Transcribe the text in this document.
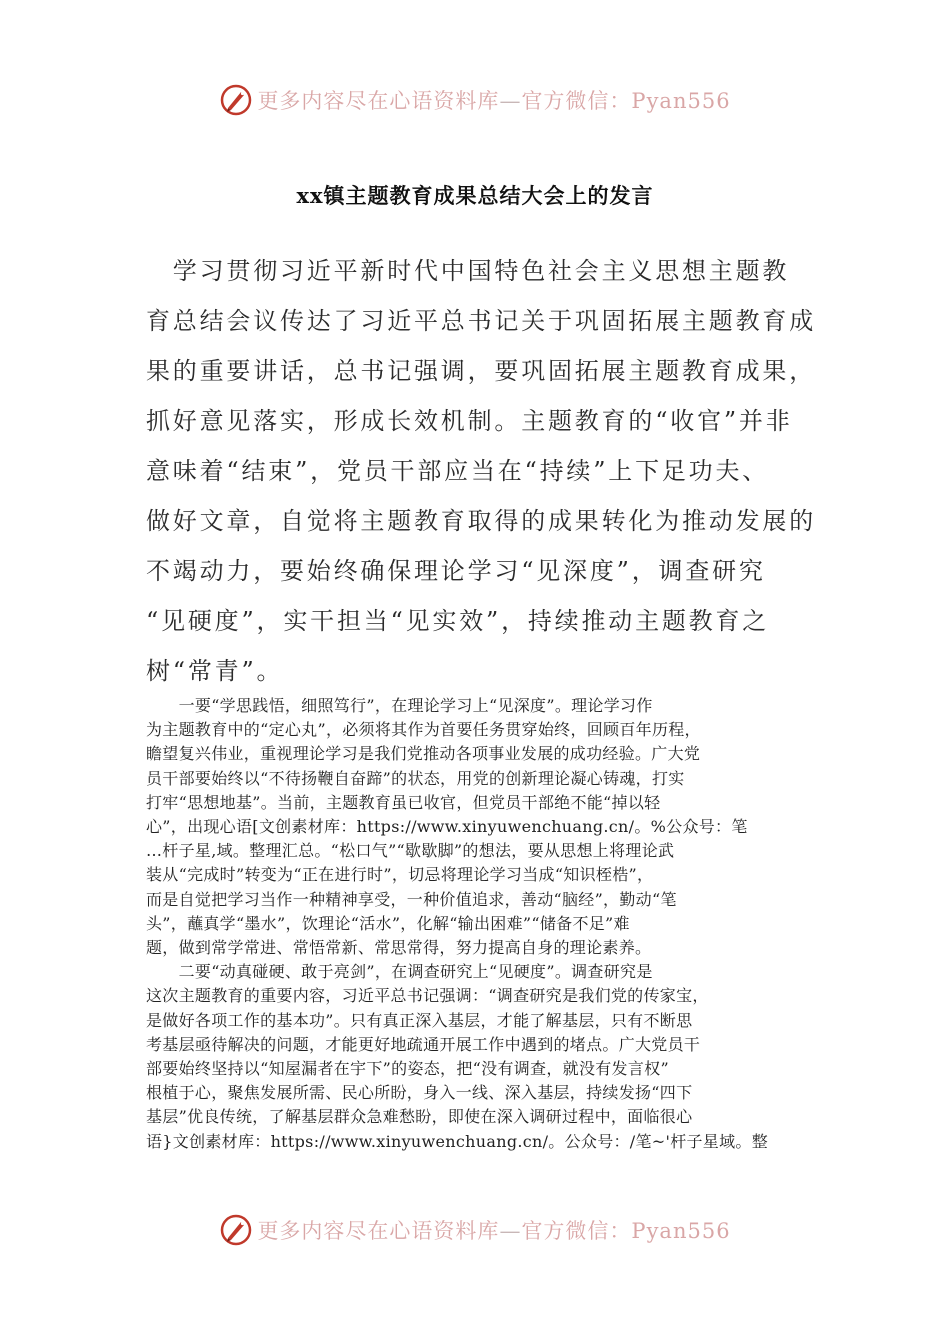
更多内容尽在心语资料库—官方微信：Pyan556
xx镇主题教育成果总结大会上的发言
　学习贯彻习近平新时代中国特色社会主义思想主题教
育总结会议传达了习近平总书记关于巩固拓展主题教育成
果的重要讲话，总书记强调，要巩固拓展主题教育成果，
抓好意见落实，形成长效机制。主题教育的“收官”并非
意味着“结束”，党员干部应当在“持续”上下足功夫、
做好文章，自觉将主题教育取得的成果转化为推动发展的
不竭动力，要始终确保理论学习“见深度”，调查研究
“见硬度”，实干担当“见实效”，持续推动主题教育之
树“常青”。
　　一要“学思践悟，细照笃行”，在理论学习上“见深度”。理论学习作
为主题教育中的“定心丸”，必须将其作为首要任务贯穿始终，回顾百年历程，
瞻望复兴伟业，重视理论学习是我们党推动各项事业发展的成功经验。广大党
员干部要始终以“不待扬鞭自奋蹄”的状态，用党的创新理论凝心铸魂，打实
打牢“思想地基”。当前，主题教育虽已收官，但党员干部绝不能“掉以轻
心”，出现心语[文创素材库：https://www.xinyuwenchuang.cn/。%公众号：笔
…杆子星,域。整理汇总。“松口气”“歇歇脚”的想法，要从思想上将理论武
装从“完成时”转变为“正在进行时”，切忌将理论学习当成“知识桎梏”，
而是自觉把学习当作一种精神享受，一种价值追求，善动“脑经”，勤动“笔
头”，蘸真学“墨水”，饮理论“活水”，化解“输出困难”“储备不足”难
题，做到常学常进、常悟常新、常思常得，努力提高自身的理论素养。
　　二要“动真碰硬、敢于亮剑”，在调查研究上“见硬度”。调查研究是
这次主题教育的重要内容，习近平总书记强调：“调查研究是我们党的传家宝，
是做好各项工作的基本功”。只有真正深入基层，才能了解基层，只有不断思
考基层亟待解决的问题，才能更好地疏通开展工作中遇到的堵点。广大党员干
部要始终坚持以“知屋漏者在宇下”的姿态，把“没有调查，就没有发言权”
根植于心，聚焦发展所需、民心所盼，身入一线、深入基层，持续发扬“四下
基层”优良传统，了解基层群众急难愁盼，即使在深入调研过程中，面临很心
语}文创素材库：https://www.xinyuwenchuang.cn/。公众号：/笔~'杆子星域。整
更多内容尽在心语资料库—官方微信：Pyan556
